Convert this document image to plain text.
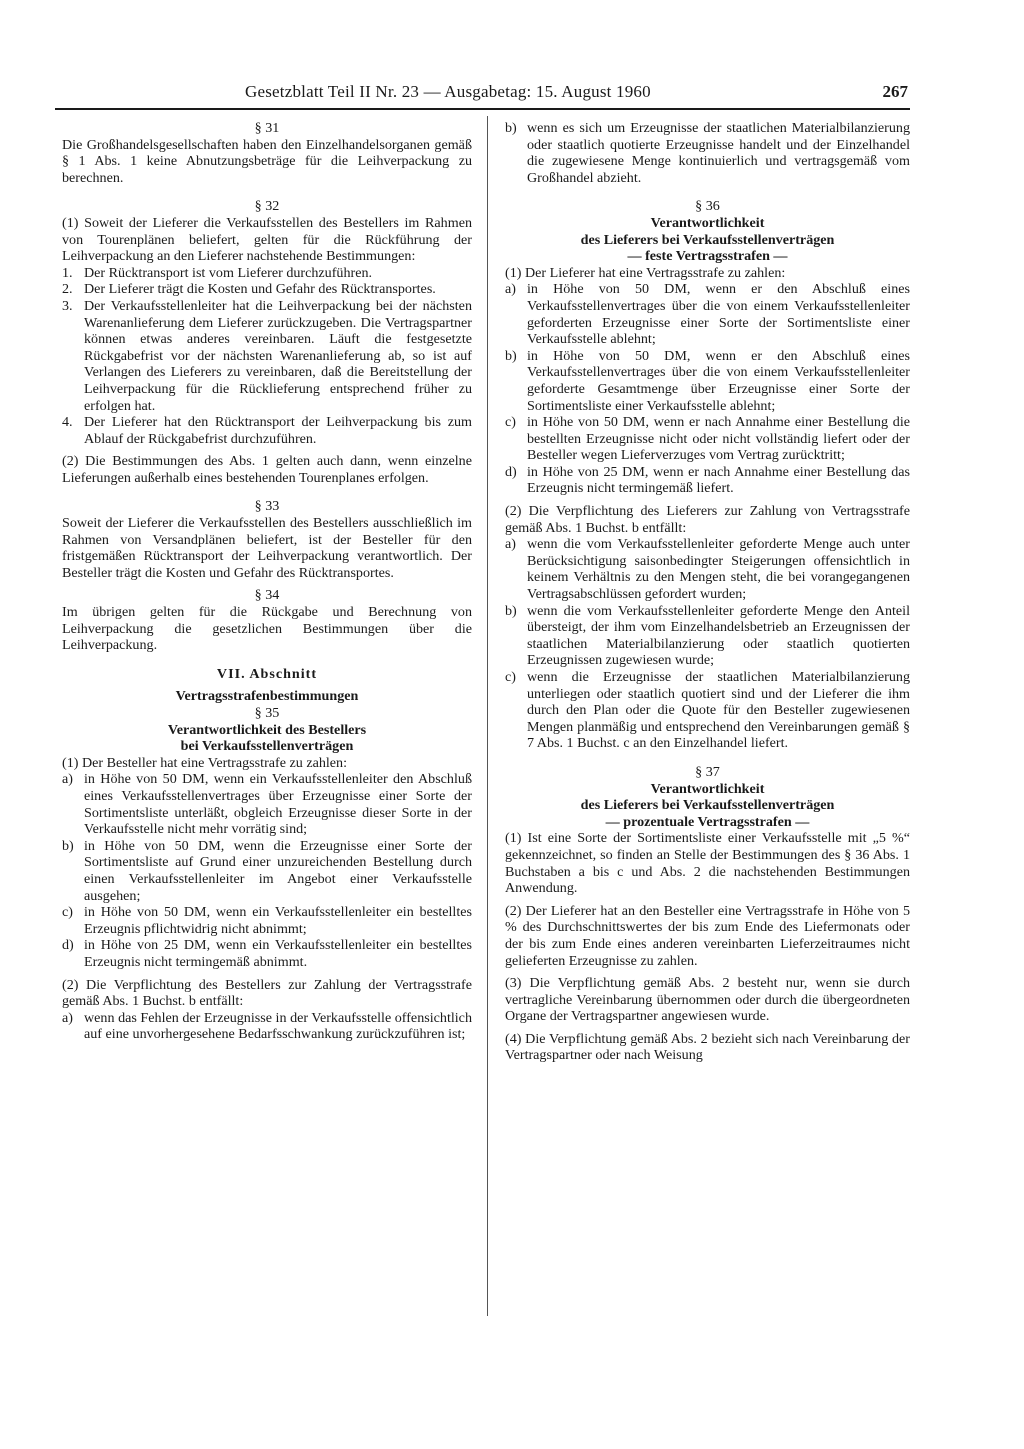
Gesetzblatt Teil II Nr. 23 — Ausgabetag: 15. August 1960	267

§ 31

Die Großhandelsgesellschaften haben den Einzelhandelsorganen gemäß § 1 Abs. 1 keine Abnutzungsbeträge für die Leihverpackung zu berechnen.

§ 32

(1) Soweit der Lieferer die Verkaufsstellen des Bestellers im Rahmen von Tourenplänen beliefert, gelten für die Rückführung der Leihverpackung an den Lieferer nachstehende Bestimmungen:

1. Der Rücktransport ist vom Lieferer durchzuführen.
2. Der Lieferer trägt die Kosten und Gefahr des Rücktransportes.
3. Der Verkaufsstellenleiter hat die Leihverpackung bei der nächsten Warenanlieferung dem Lieferer zurückzugeben. Die Vertragspartner können etwas anderes vereinbaren. Läuft die festgesetzte Rückgabefrist vor der nächsten Warenanlieferung ab, so ist auf Verlangen des Lieferers zu vereinbaren, daß die Bereitstellung der Leihverpackung für die Rücklieferung entsprechend früher zu erfolgen hat.
4. Der Lieferer hat den Rücktransport der Leihverpackung bis zum Ablauf der Rückgabefrist durchzuführen.

(2) Die Bestimmungen des Abs. 1 gelten auch dann, wenn einzelne Lieferungen außerhalb eines bestehenden Tourenplanes erfolgen.

§ 33

Soweit der Lieferer die Verkaufsstellen des Bestellers ausschließlich im Rahmen von Versandplänen beliefert, ist der Besteller für den fristgemäßen Rücktransport der Leihverpackung verantwortlich. Der Besteller trägt die Kosten und Gefahr des Rücktransportes.

§ 34

Im übrigen gelten für die Rückgabe und Berechnung von Leihverpackung die gesetzlichen Bestimmungen über die Leihverpackung.

VII. Abschnitt

Vertragsstrafenbestimmungen

§ 35

Verantwortlichkeit des Bestellers

bei Verkaufsstellenverträgen

(1) Der Besteller hat eine Vertragsstrafe zu zahlen:

a) in Höhe von 50 DM, wenn ein Verkaufsstellenleiter den Abschluß eines Verkaufsstellenvertrages über Erzeugnisse einer Sorte der Sortimentsliste unterläßt, obgleich Erzeugnisse dieser Sorte in der Verkaufsstelle nicht mehr vorrätig sind;
b) in Höhe von 50 DM, wenn die Erzeugnisse einer Sorte der Sortimentsliste auf Grund einer unzureichenden Bestellung durch einen Verkaufsstellenleiter im Angebot einer Verkaufsstelle ausgehen;
c) in Höhe von 50 DM, wenn ein Verkaufsstellenleiter ein bestelltes Erzeugnis pflichtwidrig nicht abnimmt;
d) in Höhe von 25 DM, wenn ein Verkaufsstellenleiter ein bestelltes Erzeugnis nicht termingemäß abnimmt.

(2) Die Verpflichtung des Bestellers zur Zahlung der Vertragsstrafe gemäß Abs. 1 Buchst. b entfällt:

a) wenn das Fehlen der Erzeugnisse in der Verkaufsstelle offensichtlich auf eine unvorhergesehene Bedarfsschwankung zurückzuführen ist;
b) wenn es sich um Erzeugnisse der staatlichen Materialbilanzierung oder staatlich quotierte Erzeugnisse handelt und der Einzelhandel die zugewiesene Menge kontinuierlich und vertragsgemäß vom Großhandel abzieht.

§ 36

Verantwortlichkeit

des Lieferers bei Verkaufsstellenverträgen

— feste Vertragsstrafen —

(1) Der Lieferer hat eine Vertragsstrafe zu zahlen:

a) in Höhe von 50 DM, wenn er den Abschluß eines Verkaufsstellenvertrages über die von einem Verkaufsstellenleiter geforderten Erzeugnisse einer Sorte der Sortimentsliste einer Verkaufsstelle ablehnt;
b) in Höhe von 50 DM, wenn er den Abschluß eines Verkaufsstellenvertrages über die von einem Verkaufsstellenleiter geforderte Gesamtmenge über Erzeugnisse einer Sorte der Sortimentsliste einer Verkaufsstelle ablehnt;
c) in Höhe von 50 DM, wenn er nach Annahme einer Bestellung die bestellten Erzeugnisse nicht oder nicht vollständig liefert oder der Besteller wegen Lieferverzuges vom Vertrag zurücktritt;
d) in Höhe von 25 DM, wenn er nach Annahme einer Bestellung das Erzeugnis nicht termingemäß liefert.

(2) Die Verpflichtung des Lieferers zur Zahlung von Vertragsstrafe gemäß Abs. 1 Buchst. b entfällt:

a) wenn die vom Verkaufsstellenleiter geforderte Menge auch unter Berücksichtigung saisonbedingter Steigerungen offensichtlich in keinem Verhältnis zu den Mengen steht, die bei vorangegangenen Vertragsabschlüssen gefordert wurden;
b) wenn die vom Verkaufsstellenleiter geforderte Menge den Anteil übersteigt, der ihm vom Einzelhandelsbetrieb an Erzeugnissen der staatlichen Materialbilanzierung oder staatlich quotierten Erzeugnissen zugewiesen wurde;
c) wenn die Erzeugnisse der staatlichen Materialbilanzierung unterliegen oder staatlich quotiert sind und der Lieferer die ihm durch den Plan oder die Quote für den Besteller zugewiesenen Mengen planmäßig und entsprechend den Vereinbarungen gemäß § 7 Abs. 1 Buchst. c an den Einzelhandel liefert.

§ 37

Verantwortlichkeit

des Lieferers bei Verkaufsstellenverträgen

— prozentuale Vertragsstrafen —

(1) Ist eine Sorte der Sortimentsliste einer Verkaufsstelle mit „5 %“ gekennzeichnet, so finden an Stelle der Bestimmungen des § 36 Abs. 1 Buchstaben a bis c und Abs. 2 die nachstehenden Bestimmungen Anwendung.

(2) Der Lieferer hat an den Besteller eine Vertragsstrafe in Höhe von 5 % des Durchschnittswertes der bis zum Ende des Liefermonats oder der bis zum Ende eines anderen vereinbarten Lieferzeitraumes nicht gelieferten Erzeugnisse zu zahlen.

(3) Die Verpflichtung gemäß Abs. 2 besteht nur, wenn sie durch vertragliche Vereinbarung übernommen oder durch die übergeordneten Organe der Vertragspartner angewiesen wurde.

(4) Die Verpflichtung gemäß Abs. 2 bezieht sich nach Vereinbarung der Vertragspartner oder nach Weisung
